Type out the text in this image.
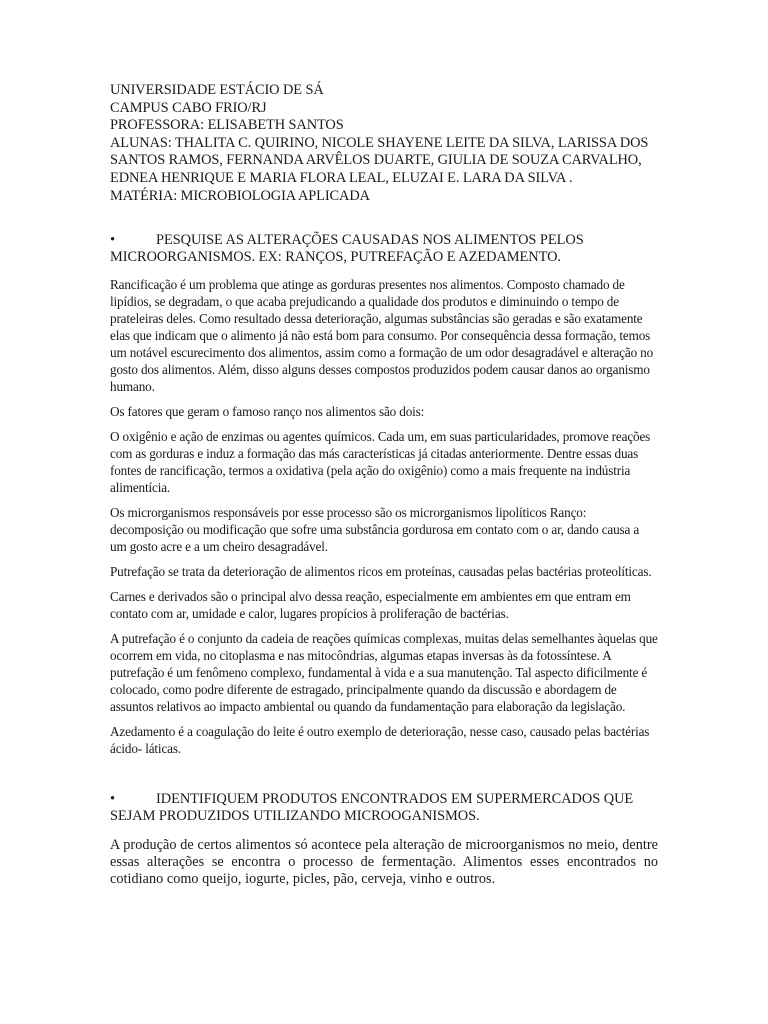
UNIVERSIDADE ESTÁCIO DE SÁ
CAMPUS CABO FRIO/RJ
PROFESSORA: ELISABETH SANTOS
ALUNAS: THALITA C. QUIRINO, NICOLE SHAYENE LEITE DA SILVA, LARISSA DOS SANTOS RAMOS, FERNANDA ARVÊLOS DUARTE, GIULIA DE SOUZA CARVALHO, EDNEA HENRIQUE E MARIA FLORA LEAL, ELUZAI E. LARA DA SILVA .
MATÉRIA: MICROBIOLOGIA APLICADA
•	PESQUISE AS ALTERAÇÕES CAUSADAS NOS ALIMENTOS PELOS MICROORGANISMOS. EX: RANÇOS, PUTREFAÇÃO E AZEDAMENTO.

Rancificação é um problema que atinge as gorduras presentes nos alimentos. Composto chamado de lipídios, se degradam, o que acaba prejudicando a qualidade dos produtos e diminuindo o tempo de prateleiras deles. Como resultado dessa deterioração, algumas substâncias são geradas e são exatamente elas que indicam que o alimento já não está bom para consumo. Por consequência dessa formação, temos um notável escurecimento dos alimentos, assim como a formação de um odor desagradável e alteração no gosto dos alimentos. Além, disso alguns desses compostos produzidos podem causar danos ao organismo humano.

Os fatores que geram o famoso ranço nos alimentos são dois:

O oxigênio e ação de enzimas ou agentes químicos. Cada um, em suas particularidades, promove reações com as gorduras e induz a formação das más características já citadas anteriormente. Dentre essas duas fontes de rancificação, termos a oxidativa (pela ação do oxigênio) como a mais frequente na indústria alimentícia.

Os microrganismos responsáveis por esse processo são os microrganismos lipolíticos Ranço: decomposição ou modificação que sofre uma substância gordurosa em contato com o ar, dando causa a um gosto acre e a um cheiro desagradável.

Putrefação se trata da deterioração de alimentos ricos em proteínas, causadas pelas bactérias proteolíticas.

Carnes e derivados são o principal alvo dessa reação, especialmente em ambientes em que entram em contato com ar, umidade e calor, lugares propícios à proliferação de bactérias.

A putrefação é o conjunto da cadeia de reações químicas complexas, muitas delas semelhantes àquelas que ocorrem em vida, no citoplasma e nas mitocôndrias, algumas etapas inversas às da fotossíntese. A putrefação é um fenômeno complexo, fundamental à vida e a sua manutenção. Tal aspecto dificilmente é colocado, como podre diferente de estragado, principalmente quando da discussão e abordagem de assuntos relativos ao impacto ambiental ou quando da fundamentação para elaboração da legislação.

Azedamento é a coagulação do leite é outro exemplo de deterioração, nesse caso, causado pelas bactérias ácido- láticas.

•	IDENTIFIQUEM PRODUTOS ENCONTRADOS EM SUPERMERCADOS QUE SEJAM PRODUZIDOS UTILIZANDO MICROOGANISMOS.

A produção de certos alimentos só acontece pela alteração de microorganismos no meio, dentre essas alterações se encontra o processo de fermentação. Alimentos esses encontrados no cotidiano como queijo, iogurte, picles, pão, cerveja, vinho e outros.
